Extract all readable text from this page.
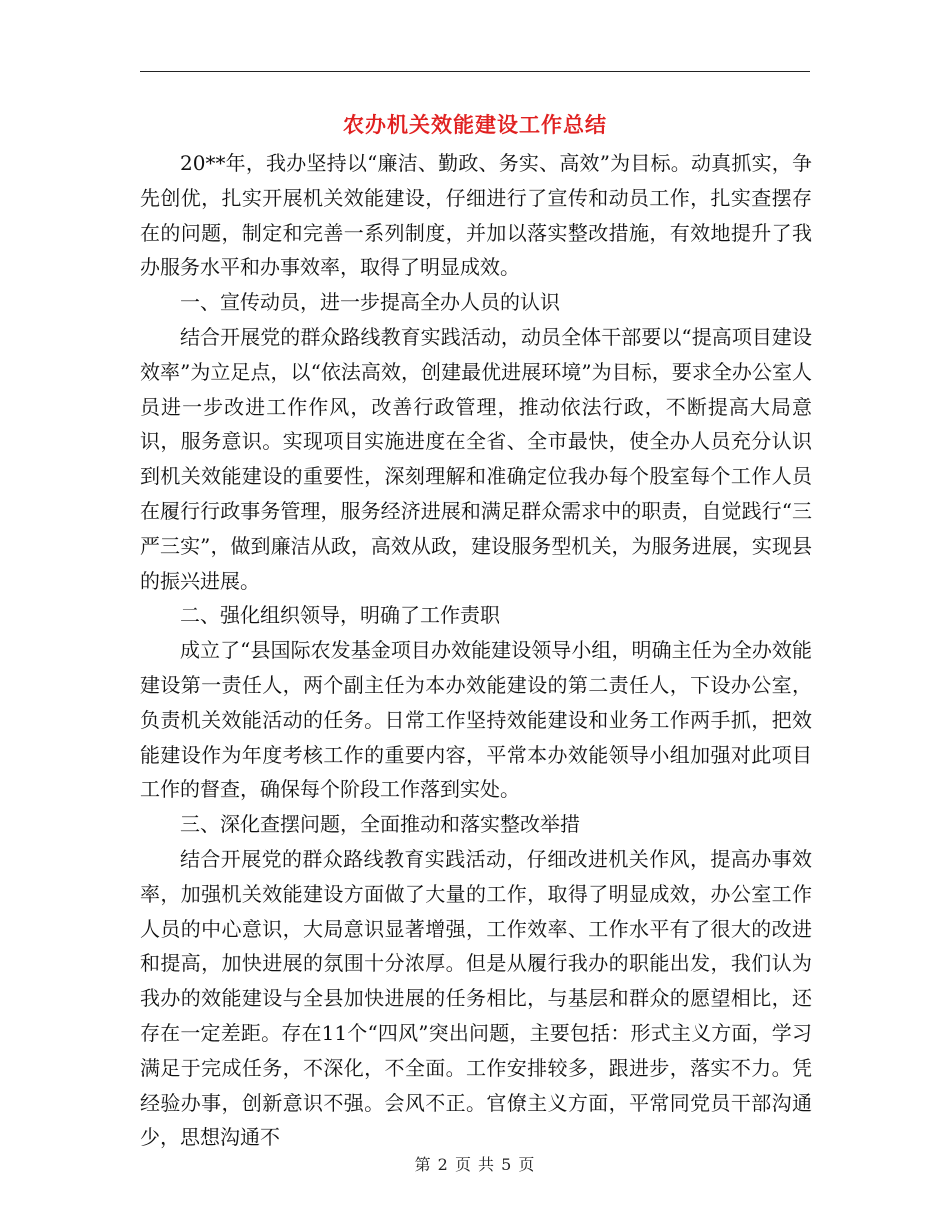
农办机关效能建设工作总结

20**年，我办坚持以“廉洁、勤政、务实、高效”为目标。动真抓实，争先创优，扎实开展机关效能建设，仔细进行了宣传和动员工作，扎实查摆存在的问题，制定和完善一系列制度，并加以落实整改措施，有效地提升了我办服务水平和办事效率，取得了明显成效。

一、宣传动员，进一步提高全办人员的认识

结合开展党的群众路线教育实践活动，动员全体干部要以“提高项目建设效率”为立足点，以“依法高效，创建最优进展环境”为目标，要求全办公室人员进一步改进工作作风，改善行政管理，推动依法行政，不断提高大局意识，服务意识。实现项目实施进度在全省、全市最快，使全办人员充分认识到机关效能建设的重要性，深刻理解和准确定位我办每个股室每个工作人员在履行行政事务管理，服务经济进展和满足群众需求中的职责，自觉践行“三严三实”，做到廉洁从政，高效从政，建设服务型机关，为服务进展，实现县的振兴进展。

二、强化组织领导，明确了工作责职

成立了“县国际农发基金项目办效能建设领导小组，明确主任为全办效能建设第一责任人，两个副主任为本办效能建设的第二责任人，下设办公室，负责机关效能活动的任务。日常工作坚持效能建设和业务工作两手抓，把效能建设作为年度考核工作的重要内容，平常本办效能领导小组加强对此项目工作的督查，确保每个阶段工作落到实处。

三、深化查摆问题，全面推动和落实整改举措

结合开展党的群众路线教育实践活动，仔细改进机关作风，提高办事效率，加强机关效能建设方面做了大量的工作，取得了明显成效，办公室工作人员的中心意识，大局意识显著增强，工作效率、工作水平有了很大的改进和提高，加快进展的氛围十分浓厚。但是从履行我办的职能出发，我们认为我办的效能建设与全县加快进展的任务相比，与基层和群众的愿望相比，还存在一定差距。存在11个“四风”突出问题，主要包括：形式主义方面，学习满足于完成任务，不深化，不全面。工作安排较多，跟进步，落实不力。凭经验办事，创新意识不强。会风不正。官僚主义方面，平常同党员干部沟通少，思想沟通不

第 2 页 共 5 页
